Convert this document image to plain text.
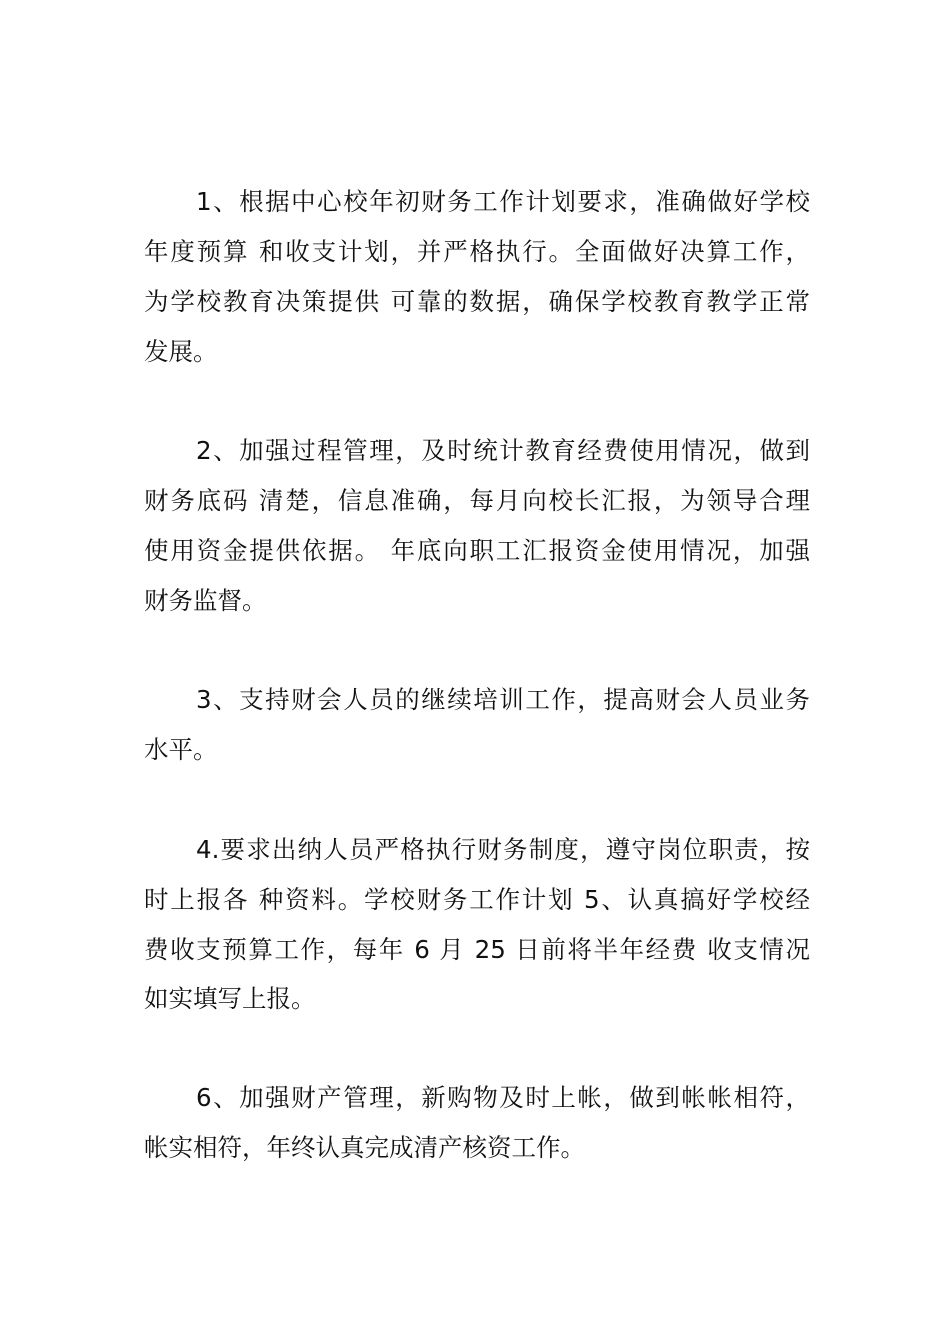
1、根据中心校年初财务工作计划要求，准确做好学校
年度预算 和收支计划，并严格执行。全面做好决算工作，
为学校教育决策提供 可靠的数据，确保学校教育教学正常
发展。
2、加强过程管理，及时统计教育经费使用情况，做到
财务底码 清楚，信息准确，每月向校长汇报，为领导合理
使用资金提供依据。 年底向职工汇报资金使用情况，加强
财务监督。
3、支持财会人员的继续培训工作，提高财会人员业务
水平。
4.要求出纳人员严格执行财务制度，遵守岗位职责，按
时上报各 种资料。学校财务工作计划 5、认真搞好学校经
费收支预算工作，每年 6 月 25 日前将半年经费 收支情况
如实填写上报。
6、加强财产管理，新购物及时上帐，做到帐帐相符，
帐实相符，年终认真完成清产核资工作。
